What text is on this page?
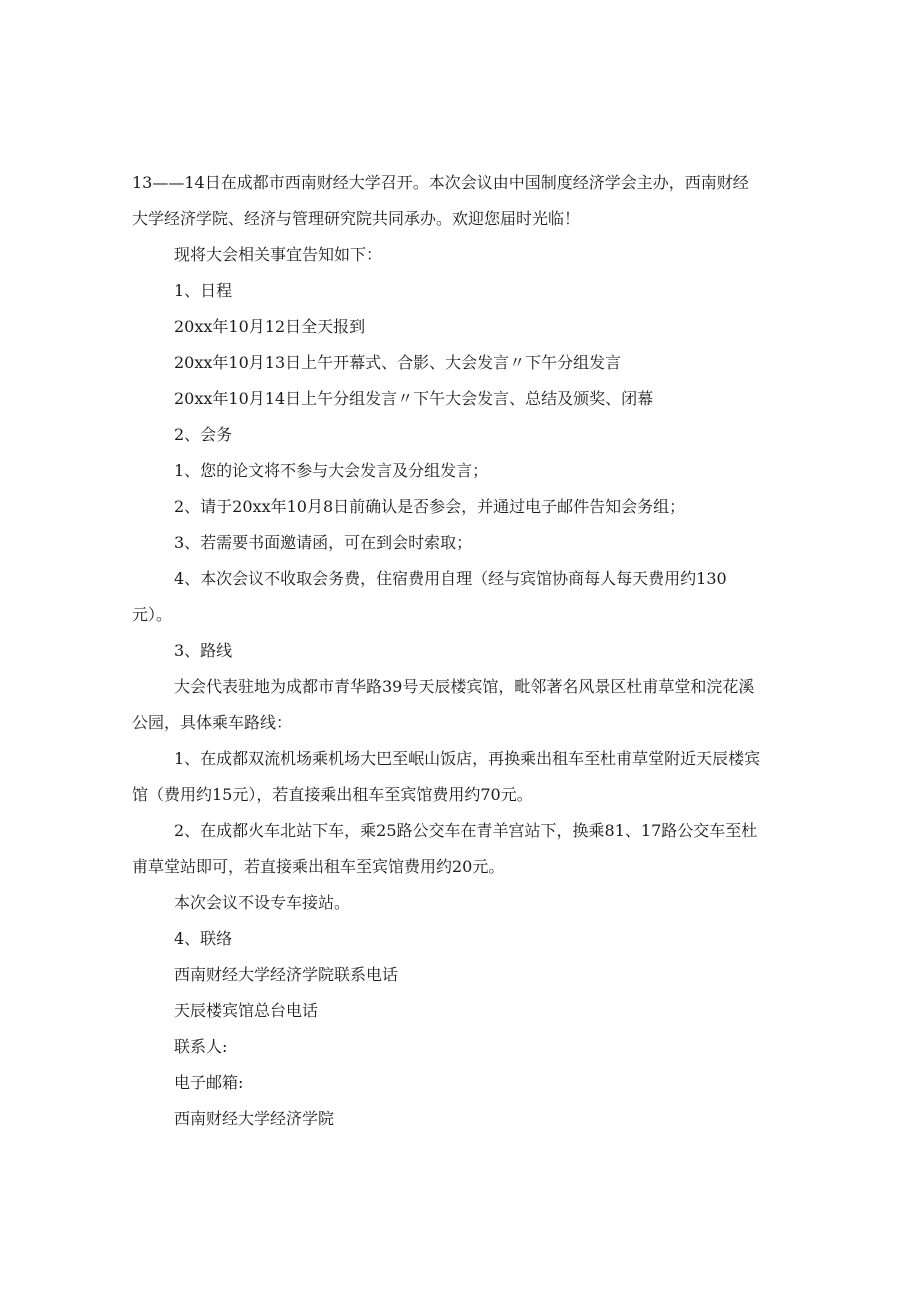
13——14日在成都市西南财经大学召开。本次会议由中国制度经济学会主办，西南财经

大学经济学院、经济与管理研究院共同承办。欢迎您届时光临！

现将大会相关事宜告知如下：

1、日程

20xx年10月12日全天报到

20xx年10月13日上午开幕式、合影、大会发言〃下午分组发言

20xx年10月14日上午分组发言〃下午大会发言、总结及颁奖、闭幕

2、会务

1、您的论文将不参与大会发言及分组发言；

2、请于20xx年10月8日前确认是否参会，并通过电子邮件告知会务组；

3、若需要书面邀请函，可在到会时索取；

4、本次会议不收取会务费，住宿费用自理（经与宾馆协商每人每天费用约130

元）。

3、路线

大会代表驻地为成都市青华路39号天辰楼宾馆，毗邻著名风景区杜甫草堂和浣花溪

公园，具体乘车路线：

1、在成都双流机场乘机场大巴至岷山饭店，再换乘出租车至杜甫草堂附近天辰楼宾

馆（费用约15元），若直接乘出租车至宾馆费用约70元。

2、在成都火车北站下车，乘25路公交车在青羊宫站下，换乘81、17路公交车至杜

甫草堂站即可，若直接乘出租车至宾馆费用约20元。

本次会议不设专车接站。

4、联络

西南财经大学经济学院联系电话

天辰楼宾馆总台电话

联系人:

电子邮箱:

西南财经大学经济学院
